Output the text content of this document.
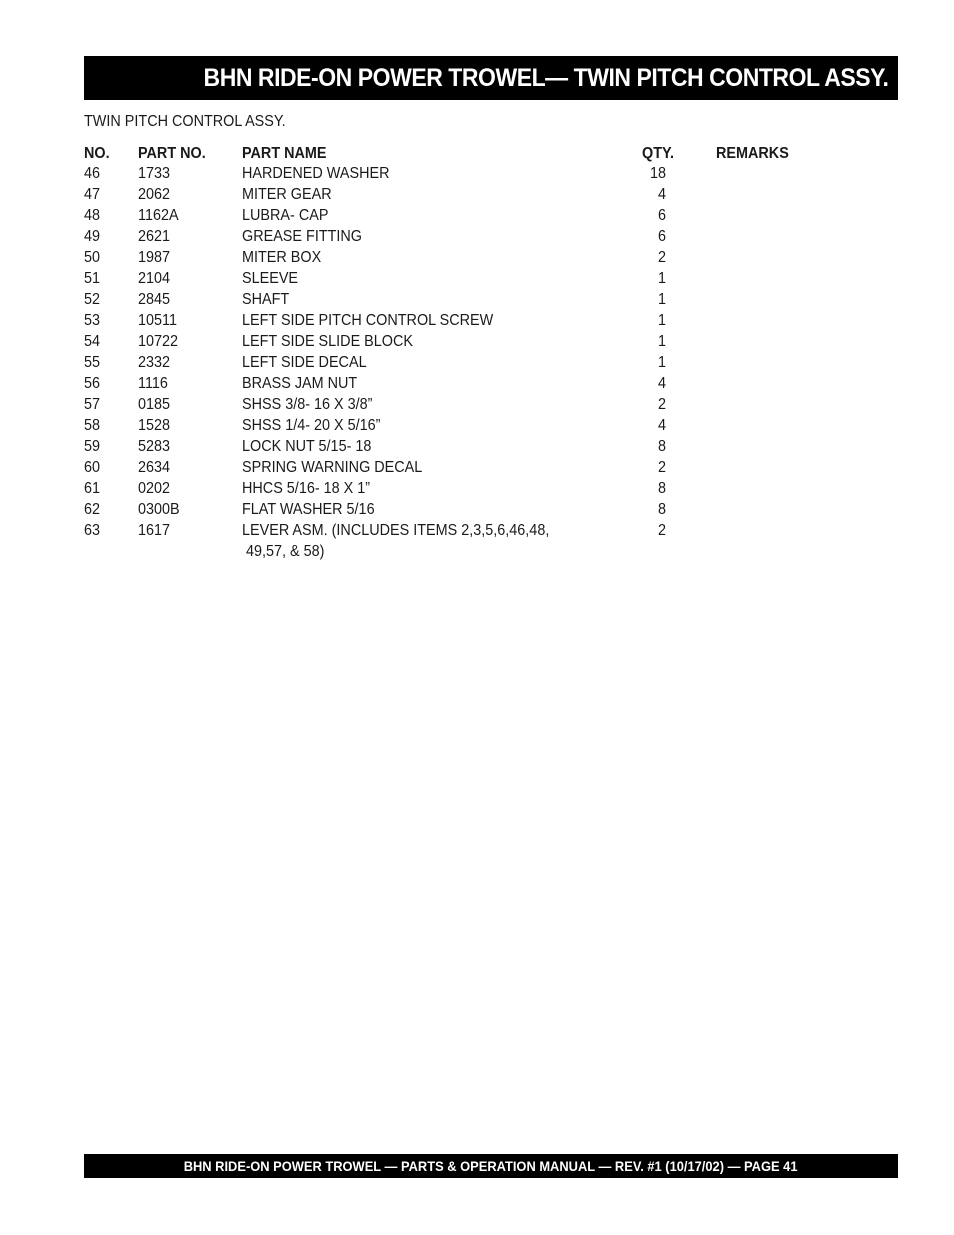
BHN RIDE-ON POWER TROWEL— TWIN PITCH CONTROL ASSY.
TWIN PITCH CONTROL ASSY.
NO. PART NO. PART NAME	QTY.	REMARKS
46 1733	HARDENED WASHER	18
47 2062	MITER GEAR	4
48 1162A	LUBRA- CAP	6
49 2621	GREASE FITTING	6
50 1987	MITER BOX	2
51 2104	SLEEVE	1
52 2845	SHAFT	1
53 10511	LEFT SIDE PITCH CONTROL SCREW	1
54 10722	LEFT SIDE SLIDE BLOCK	1
55 2332	LEFT SIDE DECAL	1
56 1116	BRASS JAM NUT	4
57 0185	SHSS 3/8- 16 X 3/8”	2
58 1528	SHSS 1/4- 20 X 5/16”	4
59 5283	LOCK NUT 5/15- 18	8
60 2634	SPRING WARNING DECAL	2
61 0202	HHCS 5/16- 18 X 1”	8
62 0300B	FLAT WASHER 5/16	8
63 1617	LEVER ASM. (INCLUDES ITEMS 2,3,5,6,46,48,	2
49,57, & 58)
BHN RIDE-ON POWER TROWEL — PARTS & OPERATION MANUAL — REV. #1 (10/17/02) — PAGE 41
